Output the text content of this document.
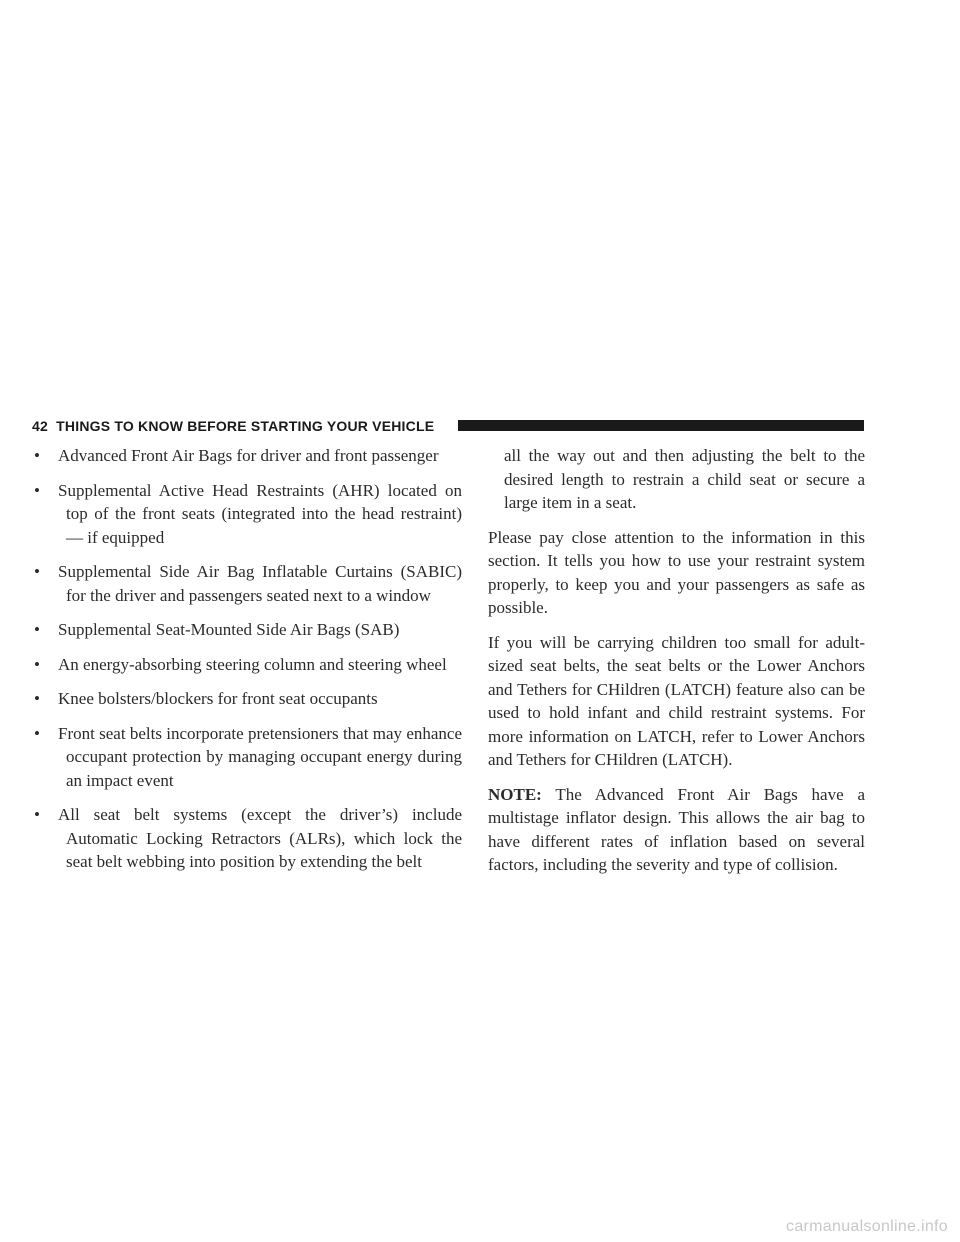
42 THINGS TO KNOW BEFORE STARTING YOUR VEHICLE
• Advanced Front Air Bags for driver and front passenger
• Supplemental Active Head Restraints (AHR) located on top of the front seats (integrated into the head restraint) — if equipped
• Supplemental Side Air Bag Inflatable Curtains (SABIC) for the driver and passengers seated next to a window
• Supplemental Seat-Mounted Side Air Bags (SAB)
• An energy-absorbing steering column and steering wheel
• Knee bolsters/blockers for front seat occupants
• Front seat belts incorporate pretensioners that may enhance occupant protection by managing occupant energy during an impact event
• All seat belt systems (except the driver’s) include Automatic Locking Retractors (ALRs), which lock the seat belt webbing into position by extending the belt

all the way out and then adjusting the belt to the desired length to restrain a child seat or secure a large item in a seat.

Please pay close attention to the information in this section. It tells you how to use your restraint system properly, to keep you and your passengers as safe as possible.

If you will be carrying children too small for adult-sized seat belts, the seat belts or the Lower Anchors and Tethers for CHildren (LATCH) feature also can be used to hold infant and child restraint systems. For more information on LATCH, refer to Lower Anchors and Tethers for CHildren (LATCH).

NOTE: The Advanced Front Air Bags have a multistage inflator design. This allows the air bag to have different rates of inflation based on several factors, including the severity and type of collision.

carmanualsonline.info
